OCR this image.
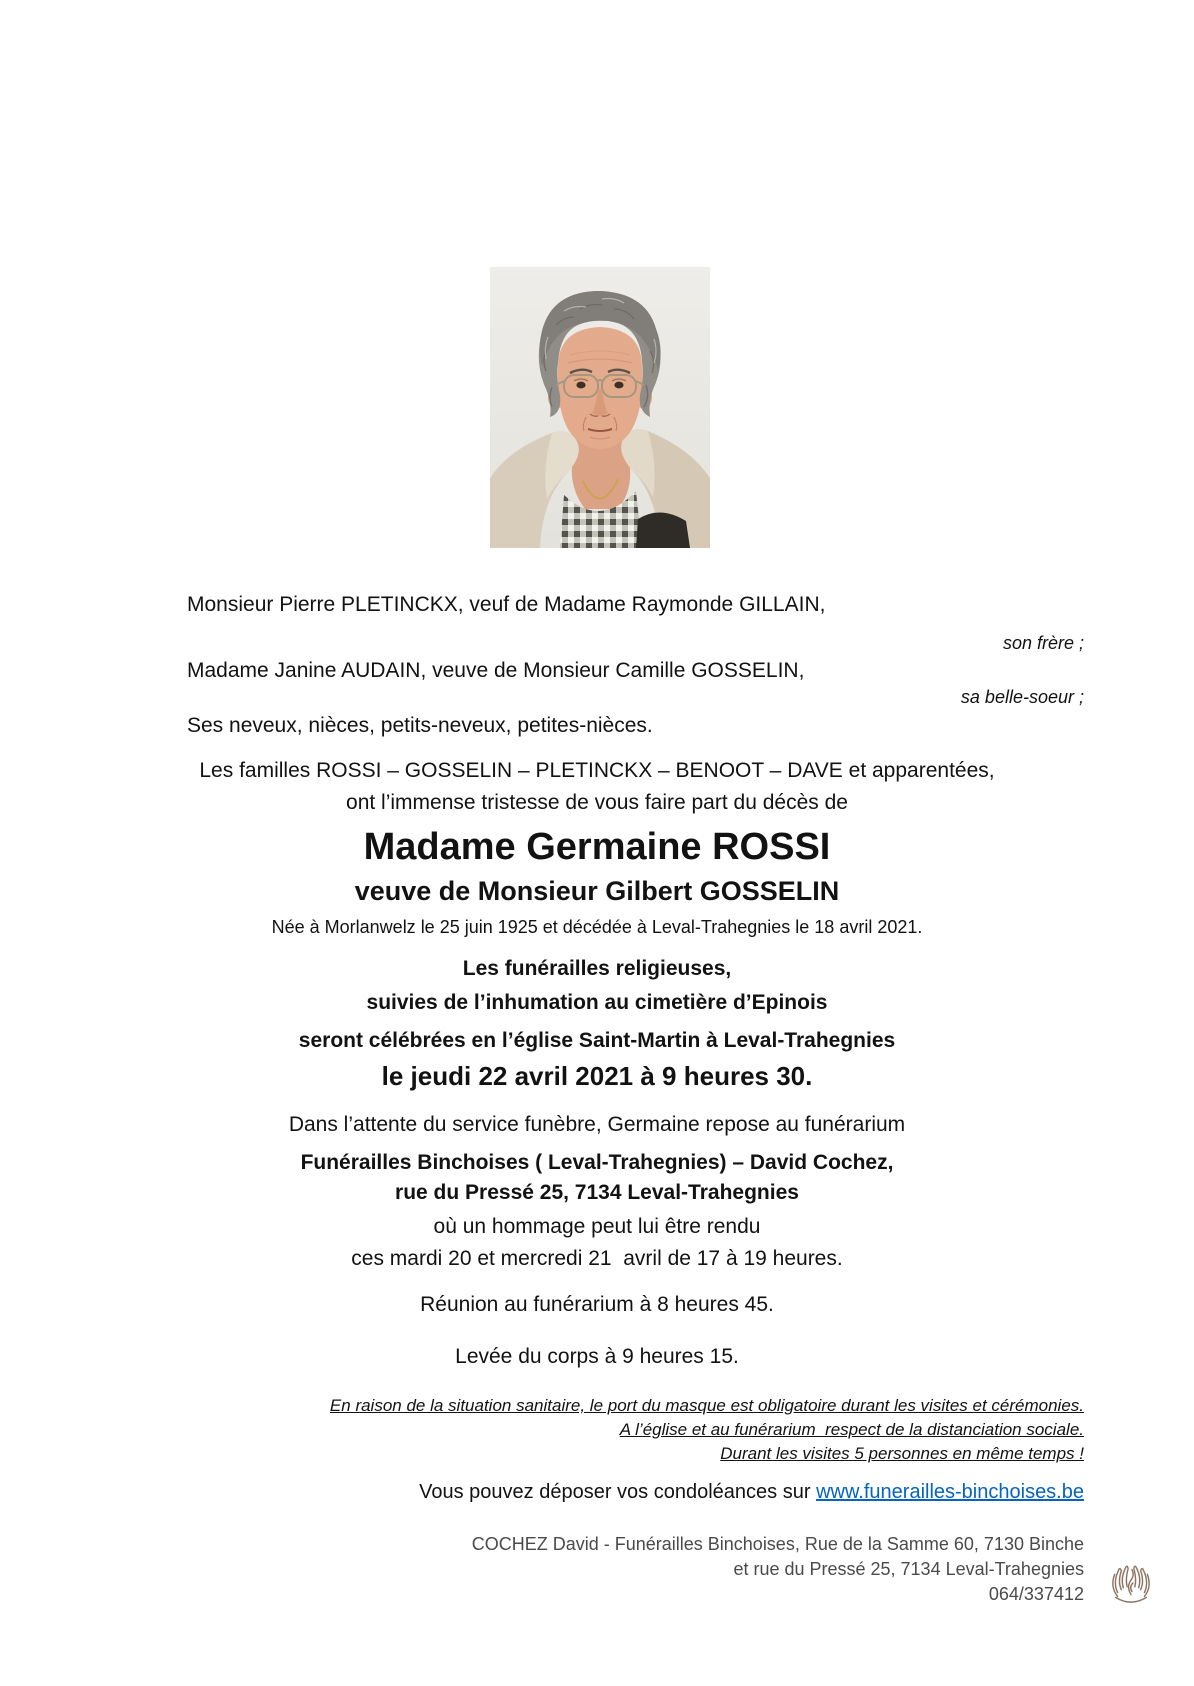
Monsieur Pierre PLETINCKX, veuf de Madame Raymonde GILLAIN,

son frère ;

Madame Janine AUDAIN, veuve de Monsieur Camille GOSSELIN,

sa belle-soeur ;

Ses neveux, nièces, petits-neveux, petites-nièces.

Les familles ROSSI – GOSSELIN – PLETINCKX – BENOOT – DAVE et apparentées,

ont l’immense tristesse de vous faire part du décès de

Madame Germaine ROSSI

veuve de Monsieur Gilbert GOSSELIN

Née à Morlanwelz le 25 juin 1925 et décédée à Leval-Trahegnies le 18 avril 2021.

Les funérailles religieuses,

suivies de l’inhumation au cimetière d’Epinois

seront célébrées en l’église Saint-Martin à Leval-Trahegnies

le jeudi 22 avril 2021 à 9 heures 30.

Dans l’attente du service funèbre, Germaine repose au funérarium

Funérailles Binchoises ( Leval-Trahegnies) – David Cochez,

rue du Pressé 25, 7134 Leval-Trahegnies

où un hommage peut lui être rendu

ces mardi 20 et mercredi 21  avril de 17 à 19 heures.

Réunion au funérarium à 8 heures 45.

Levée du corps à 9 heures 15.

En raison de la situation sanitaire, le port du masque est obligatoire durant les visites et cérémonies.

A l’église et au funérarium  respect de la distanciation sociale.

Durant les visites 5 personnes en même temps !

Vous pouvez déposer vos condoléances sur www.funerailles-binchoises.be

COCHEZ David - Funérailles Binchoises, Rue de la Samme 60, 7130 Binche

et rue du Pressé 25, 7134 Leval-Trahegnies

064/337412
